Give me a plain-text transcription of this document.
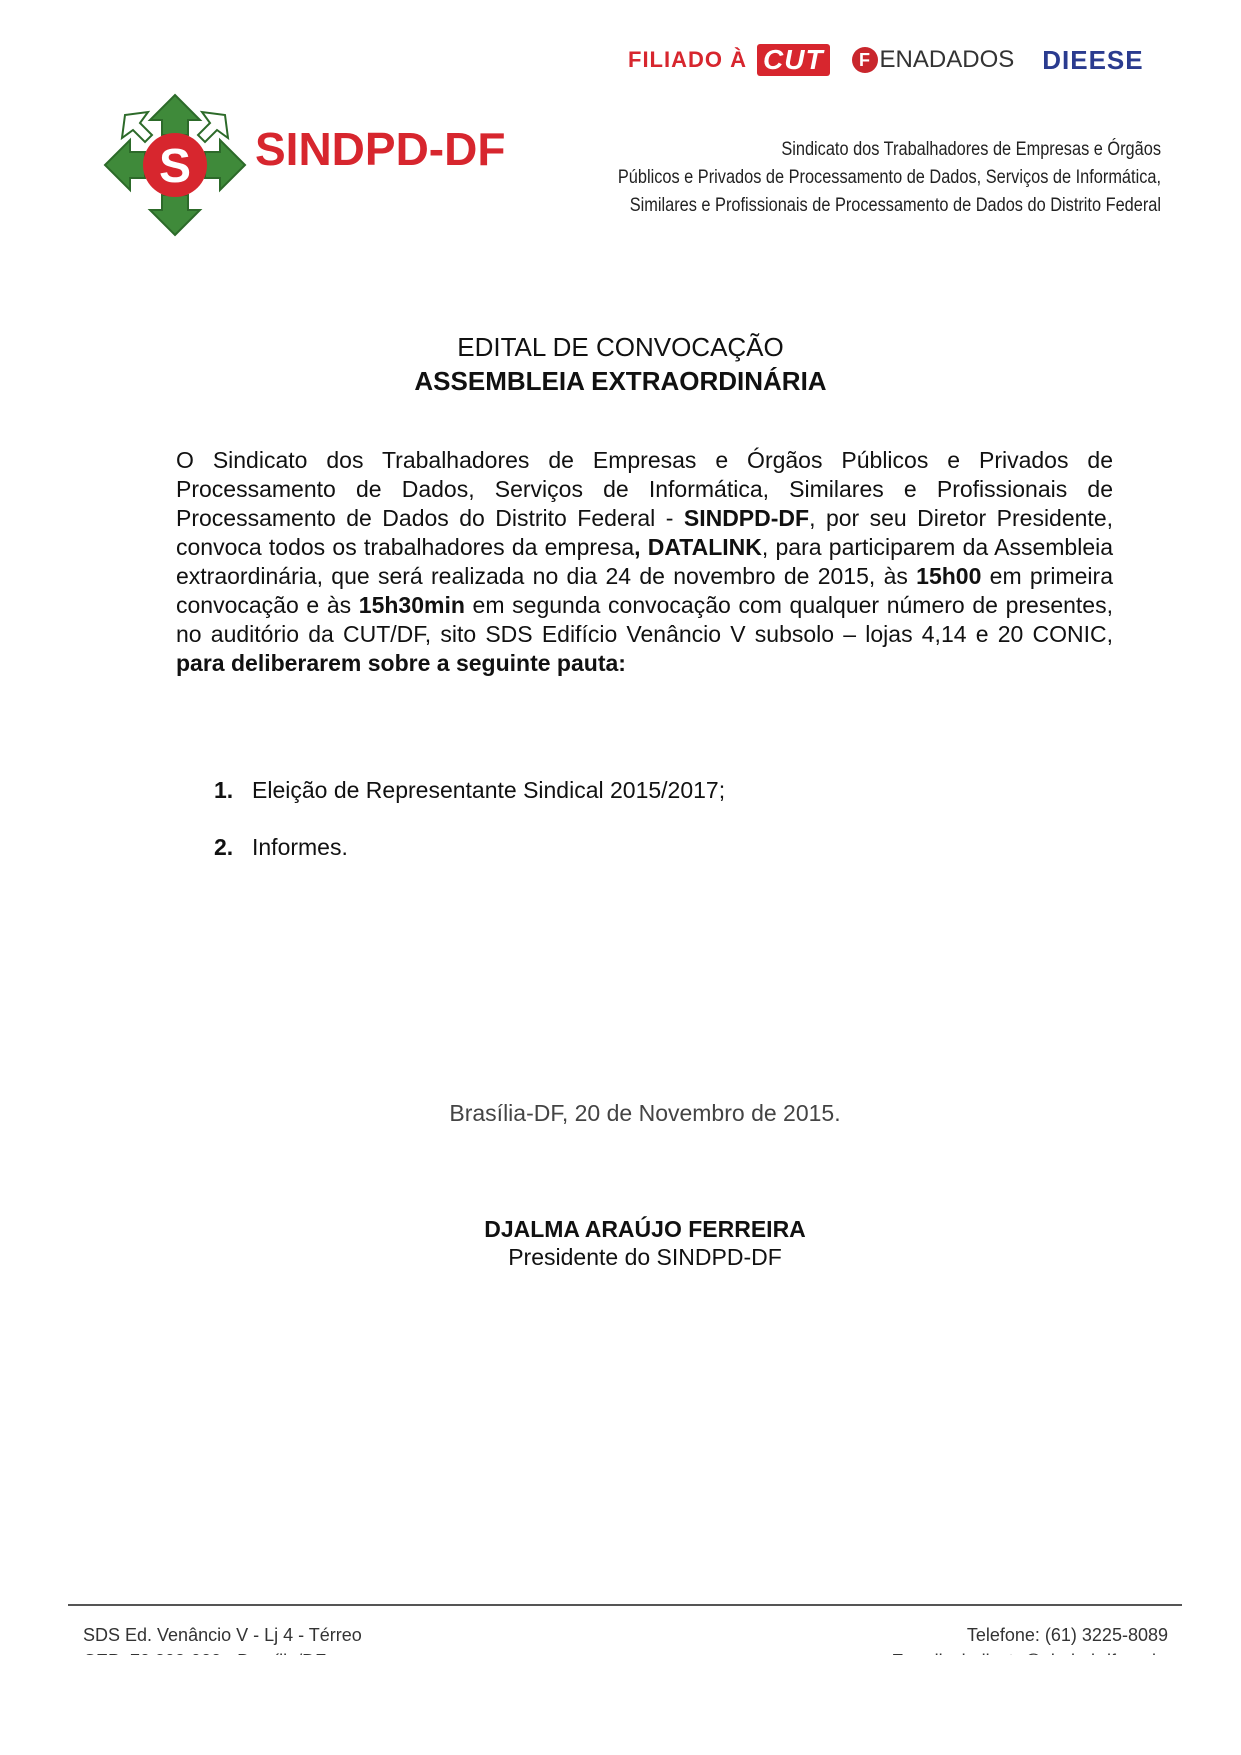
FILIADO À CUT	F ENADADOS DIEESE
S SINDPD-DF	Sindicato dos Trabalhadores de Empresas e Órgãos
Públicos e Privados de Processamento de Dados, Serviços de Informática,
Similares e Profissionais de Processamento de Dados do Distrito Federal
EDITAL DE CONVOCAÇÃO
ASSEMBLEIA EXTRAORDINÁRIA
O Sindicato dos Trabalhadores de Empresas e Órgãos Públicos e Privados de Processamento de Dados, Serviços de Informática, Similares e Profissionais de Processamento de Dados do Distrito Federal - SINDPD-DF, por seu Diretor Presidente, convoca todos os trabalhadores da empresa, DATALINK, para participarem da Assembleia extraordinária, que será realizada no dia 24 de novembro de 2015, às 15h00 em primeira convocação e às 15h30min em segunda convocação com qualquer número de presentes, no auditório da CUT/DF, sito SDS Edifício Venâncio V subsolo – lojas 4,14 e 20 CONIC, para deliberarem sobre a seguinte pauta:
1. Eleição de Representante Sindical 2015/2017;
2. Informes.
Brasília-DF, 20 de Novembro de 2015.
DJALMA ARAÚJO FERREIRA
Presidente do SINDPD-DF
SDS Ed. Venâncio V - Lj 4 - Térreo	Telefone: (61) 3225-8089
